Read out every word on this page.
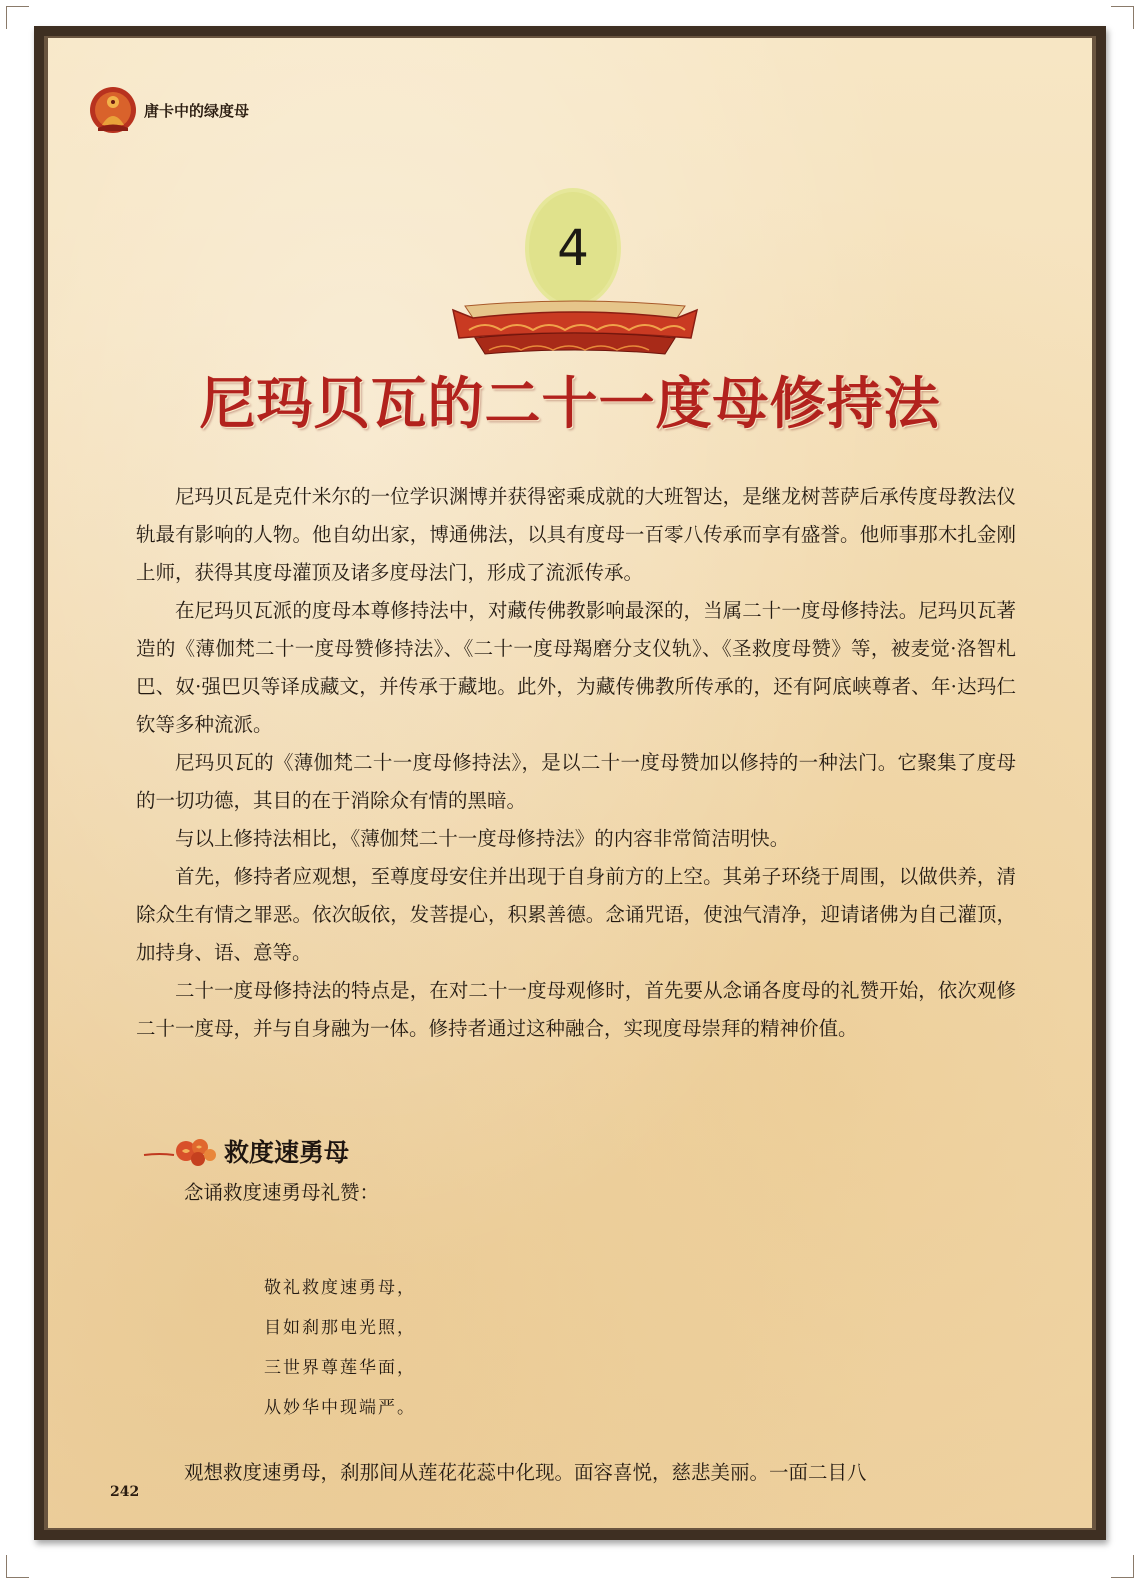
唐卡中的绿度母
4
尼玛贝瓦的二十一度母修持法

尼玛贝瓦是克什米尔的一位学识渊博并获得密乘成就的大班智达，是继龙树菩萨后承传度母教法仪轨最有影响的人物。他自幼出家，博通佛法，以具有度母一百零八传承而享有盛誉。他师事那木扎金刚上师，获得其度母灌顶及诸多度母法门，形成了流派传承。

在尼玛贝瓦派的度母本尊修持法中，对藏传佛教影响最深的，当属二十一度母修持法。尼玛贝瓦著造的《薄伽梵二十一度母赞修持法》、《二十一度母羯磨分支仪轨》、《圣救度母赞》等，被麦觉·洛智札巴、奴·强巴贝等译成藏文，并传承于藏地。此外，为藏传佛教所传承的，还有阿底峡尊者、年·达玛仁钦等多种流派。

尼玛贝瓦的《薄伽梵二十一度母修持法》，是以二十一度母赞加以修持的一种法门。它聚集了度母的一切功德，其目的在于消除众有情的黑暗。

与以上修持法相比，《薄伽梵二十一度母修持法》的内容非常简洁明快。

首先，修持者应观想，至尊度母安住并出现于自身前方的上空。其弟子环绕于周围，以做供养，清除众生有情之罪恶。依次皈依，发菩提心，积累善德。念诵咒语，使浊气清净，迎请诸佛为自己灌顶，加持身、语、意等。

二十一度母修持法的特点是，在对二十一度母观修时，首先要从念诵各度母的礼赞开始，依次观修二十一度母，并与自身融为一体。修持者通过这种融合，实现度母崇拜的精神价值。

救度速勇母
念诵救度速勇母礼赞：
敬礼救度速勇母，
目如刹那电光照，
三世界尊莲华面，
从妙华中现端严。
观想救度速勇母，刹那间从莲花花蕊中化现。面容喜悦，慈悲美丽。一面二目八
242
